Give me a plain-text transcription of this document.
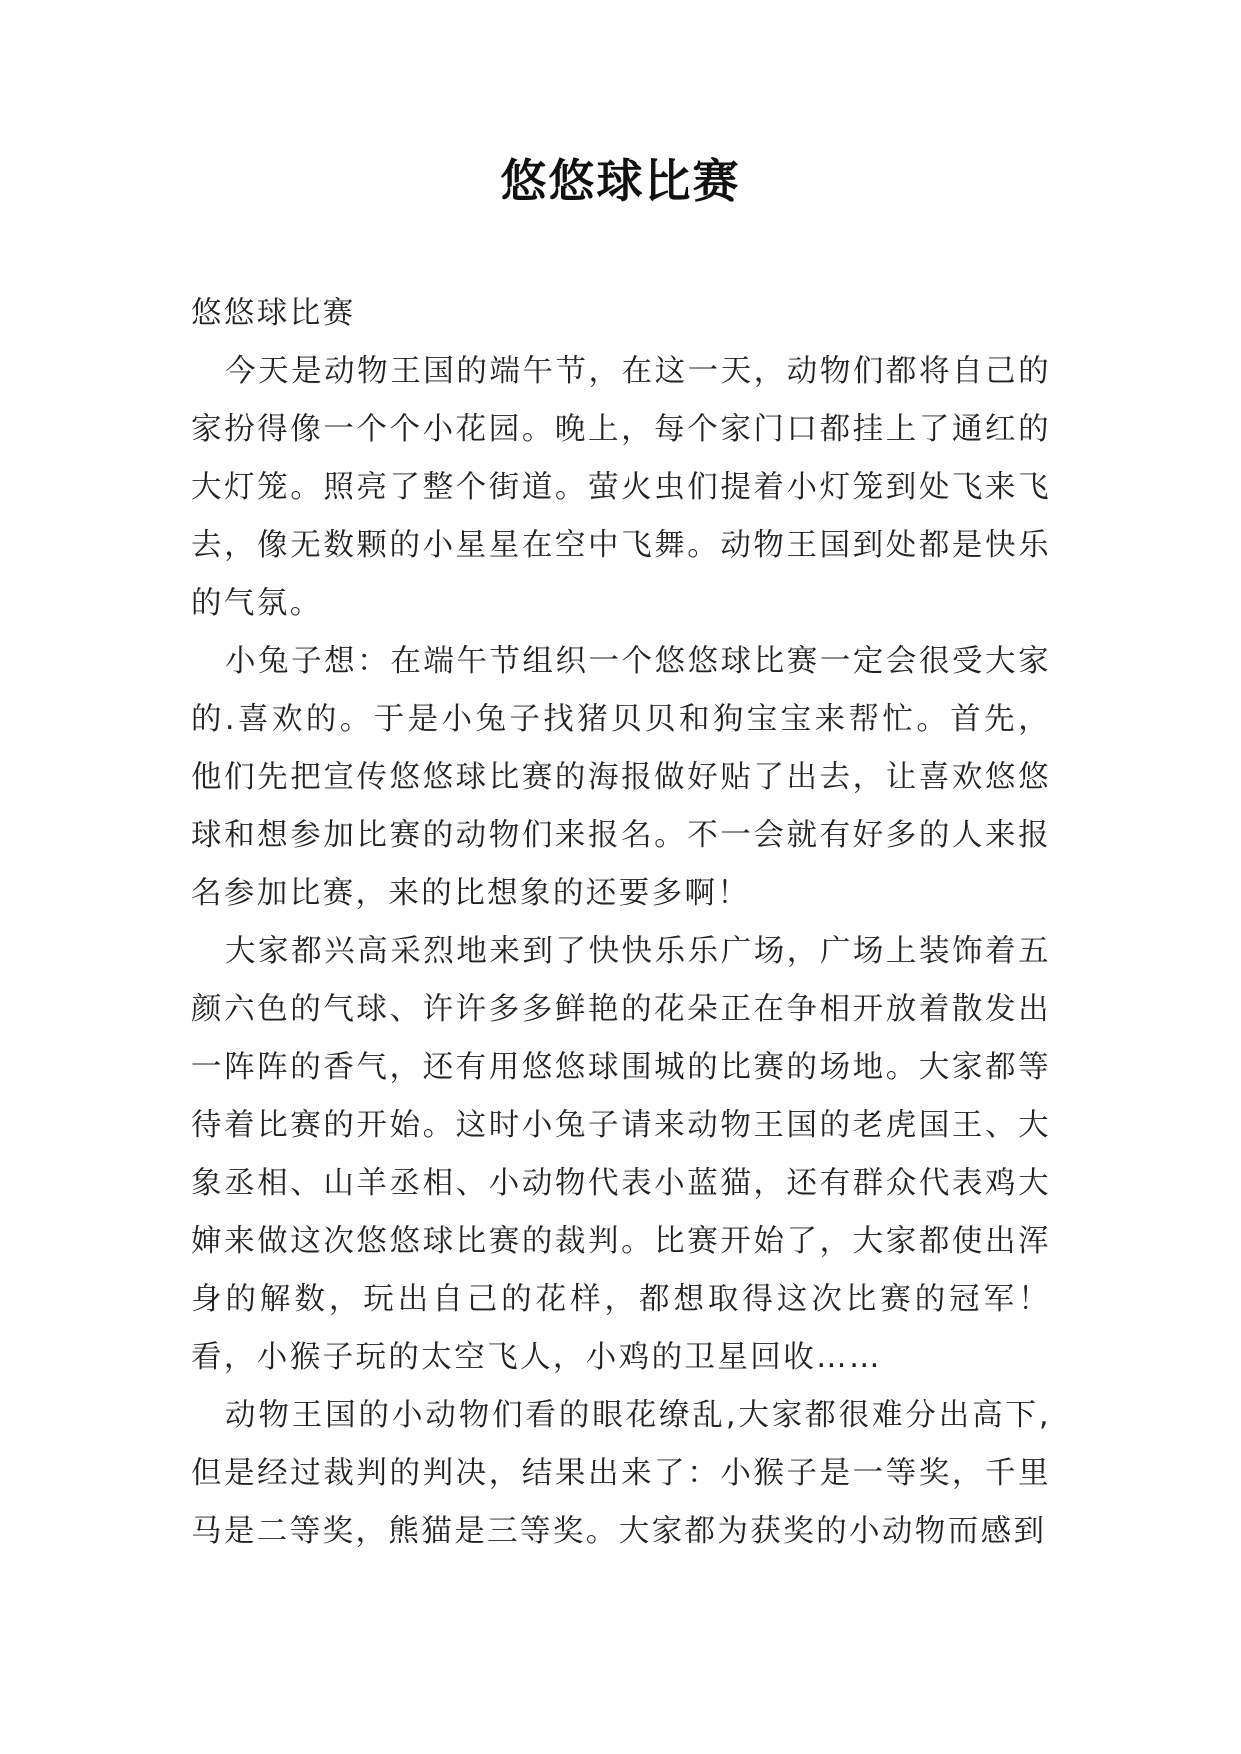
悠悠球比赛

悠悠球比赛

今天是动物王国的端午节，在这一天，动物们都将自己的家扮得像一个个小花园。晚上，每个家门口都挂上了通红的大灯笼。照亮了整个街道。萤火虫们提着小灯笼到处飞来飞去，像无数颗的小星星在空中飞舞。动物王国到处都是快乐的气氛。

小兔子想：在端午节组织一个悠悠球比赛一定会很受大家的.喜欢的。于是小兔子找猪贝贝和狗宝宝来帮忙。首先，他们先把宣传悠悠球比赛的海报做好贴了出去，让喜欢悠悠球和想参加比赛的动物们来报名。不一会就有好多的人来报名参加比赛，来的比想象的还要多啊！

大家都兴高采烈地来到了快快乐乐广场，广场上装饰着五颜六色的气球、许许多多鲜艳的花朵正在争相开放着散发出一阵阵的香气，还有用悠悠球围城的比赛的场地。大家都等待着比赛的开始。这时小兔子请来动物王国的老虎国王、大象丞相、山羊丞相、小动物代表小蓝猫，还有群众代表鸡大婶来做这次悠悠球比赛的裁判。比赛开始了，大家都使出浑身的解数，玩出自己的花样，都想取得这次比赛的冠军！看，小猴子玩的太空飞人，小鸡的卫星回收……

动物王国的小动物们看的眼花缭乱,大家都很难分出高下,但是经过裁判的判决，结果出来了：小猴子是一等奖，千里马是二等奖，熊猫是三等奖。大家都为获奖的小动物而感到
